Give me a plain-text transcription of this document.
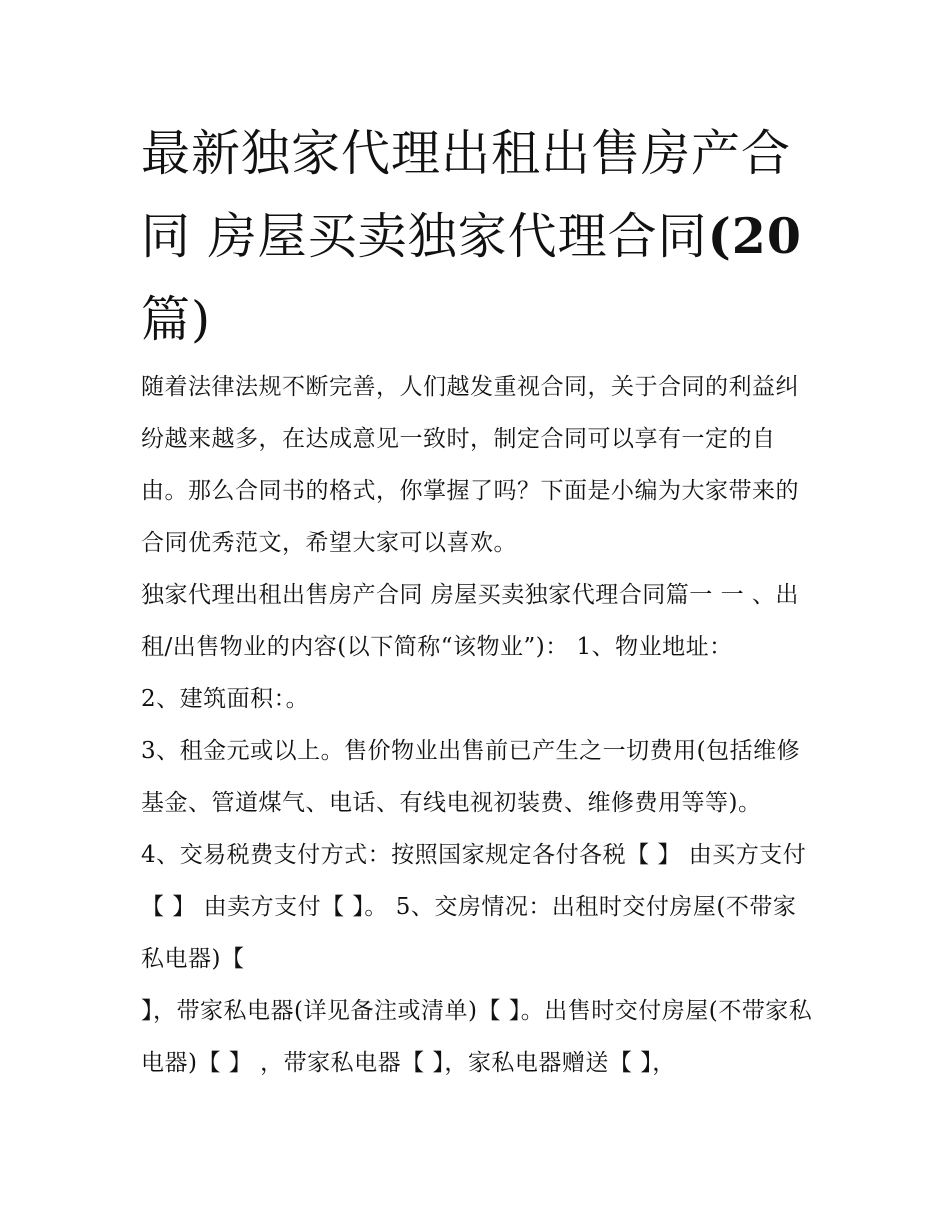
最新独家代理出租出售房产合
同 房屋买卖独家代理合同(20
篇)

随着法律法规不断完善，人们越发重视合同，关于合同的利益纠纷越来越多，在达成意见一致时，制定合同可以享有一定的自由。那么合同书的格式，你掌握了吗？下面是小编为大家带来的合同优秀范文，希望大家可以喜欢。

独家代理出租出售房产合同 房屋买卖独家代理合同篇一 一 、出租/出售物业的内容(以下简称“该物业”)： 1、物业地址：

2、建筑面积：。

3、租金元或以上。售价物业出售前已产生之一切费用(包括维修基金、管道煤气、电话、有线电视初装费、维修费用等等)。

4、交易税费支付方式：按照国家规定各付各税【 】 由买方支付【 】 由卖方支付【 】。 5、交房情况：出租时交付房屋(不带家私电器)【

】，带家私电器(详见备注或清单)【 】。出售时交付房屋(不带家私电器)【 】 ，带家私电器【 】，家私电器赠送【 】，
